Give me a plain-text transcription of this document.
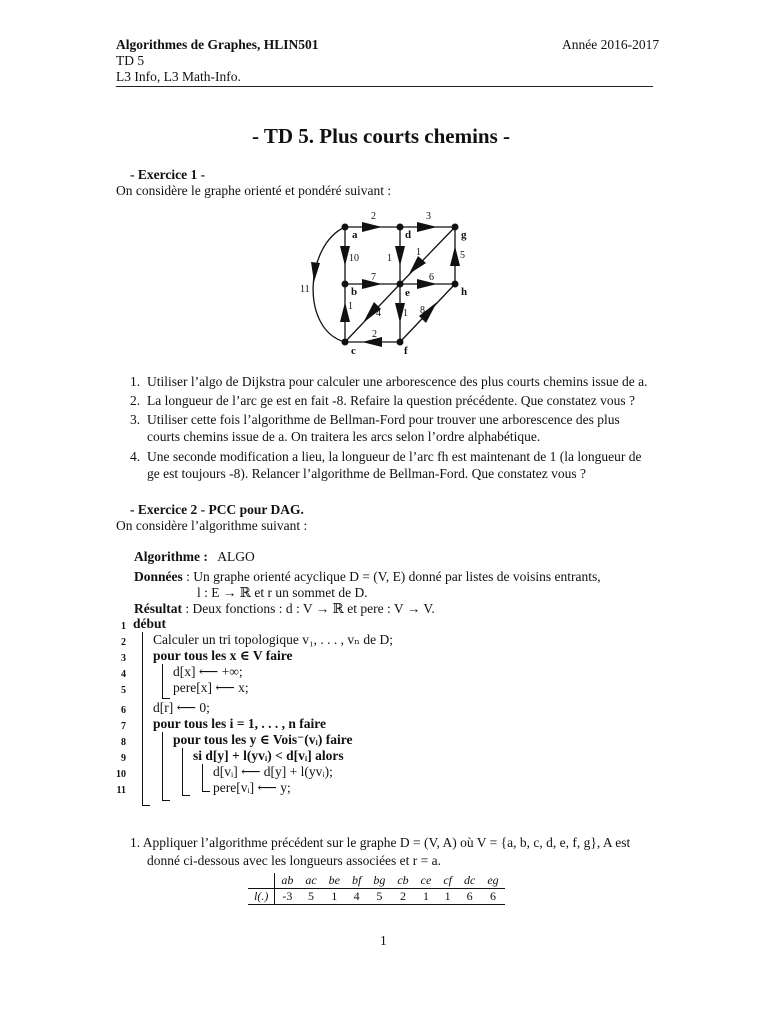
Algorithmes de Graphes, HLIN501	Année 2016-2017
TD 5
L3 Info, L3 Math-Info.
- TD 5. Plus courts chemins -
- Exercice 1 -
On considère le graphe orienté et pondéré suivant :
a
b
c
d
e
f
g
h
2	3
10	1
1	5
7	6
11
1
4 1 8
2
1. Utiliser l’algo de Dijkstra pour calculer une arborescence des plus courts chemins issue de a.
2. La longueur de l’arc ge est en fait -8. Refaire la question précédente. Que constatez vous ?
3. Utiliser cette fois l’algorithme de Bellman-Ford pour trouver une arborescence des plus courts chemins issue de a. On traitera les arcs selon l’ordre alphabétique.
4. Une seconde modification a lieu, la longueur de l’arc fh est maintenant de 1 (la longueur de ge est toujours -8). Relancer l’algorithme de Bellman-Ford. Que constatez vous ?
- Exercice 2 - PCC pour DAG.
On considère l’algorithme suivant :
Algorithme : ALGO
Données : Un graphe orienté acyclique D = (V, E) donné par listes de voisins entrants,
l : E → ℝ et r un sommet de D.
Résultat : Deux fonctions : d : V → ℝ et pere : V → V.
1
2
3
4
5
6
7
8
9
10
11
début
Calculer un tri topologique v₁, . . . , vₙ de D;
pour tous les x ∈ V faire
d[x] ⟵ +∞;
pere[x] ⟵ x;
d[r] ⟵ 0;
pour tous les i = 1, . . . , n faire
pour tous les y ∈ Vois⁻(vᵢ) faire
si d[y] + l(yvᵢ) < d[vᵢ] alors
d[vᵢ] ⟵ d[y] + l(yvᵢ);
pere[vᵢ] ⟵ y;
1. Appliquer l’algorithme précédent sur le graphe D = (V, A) où V = {a, b, c, d, e, f, g}, A est
donné ci-dessous avec les longueurs associées et r = a.
	ab	ac	be	bf	bg	cb	ce	cf	dc	eg
l(.)	-3	5	1	4	5	2	1	1	6	6
1
